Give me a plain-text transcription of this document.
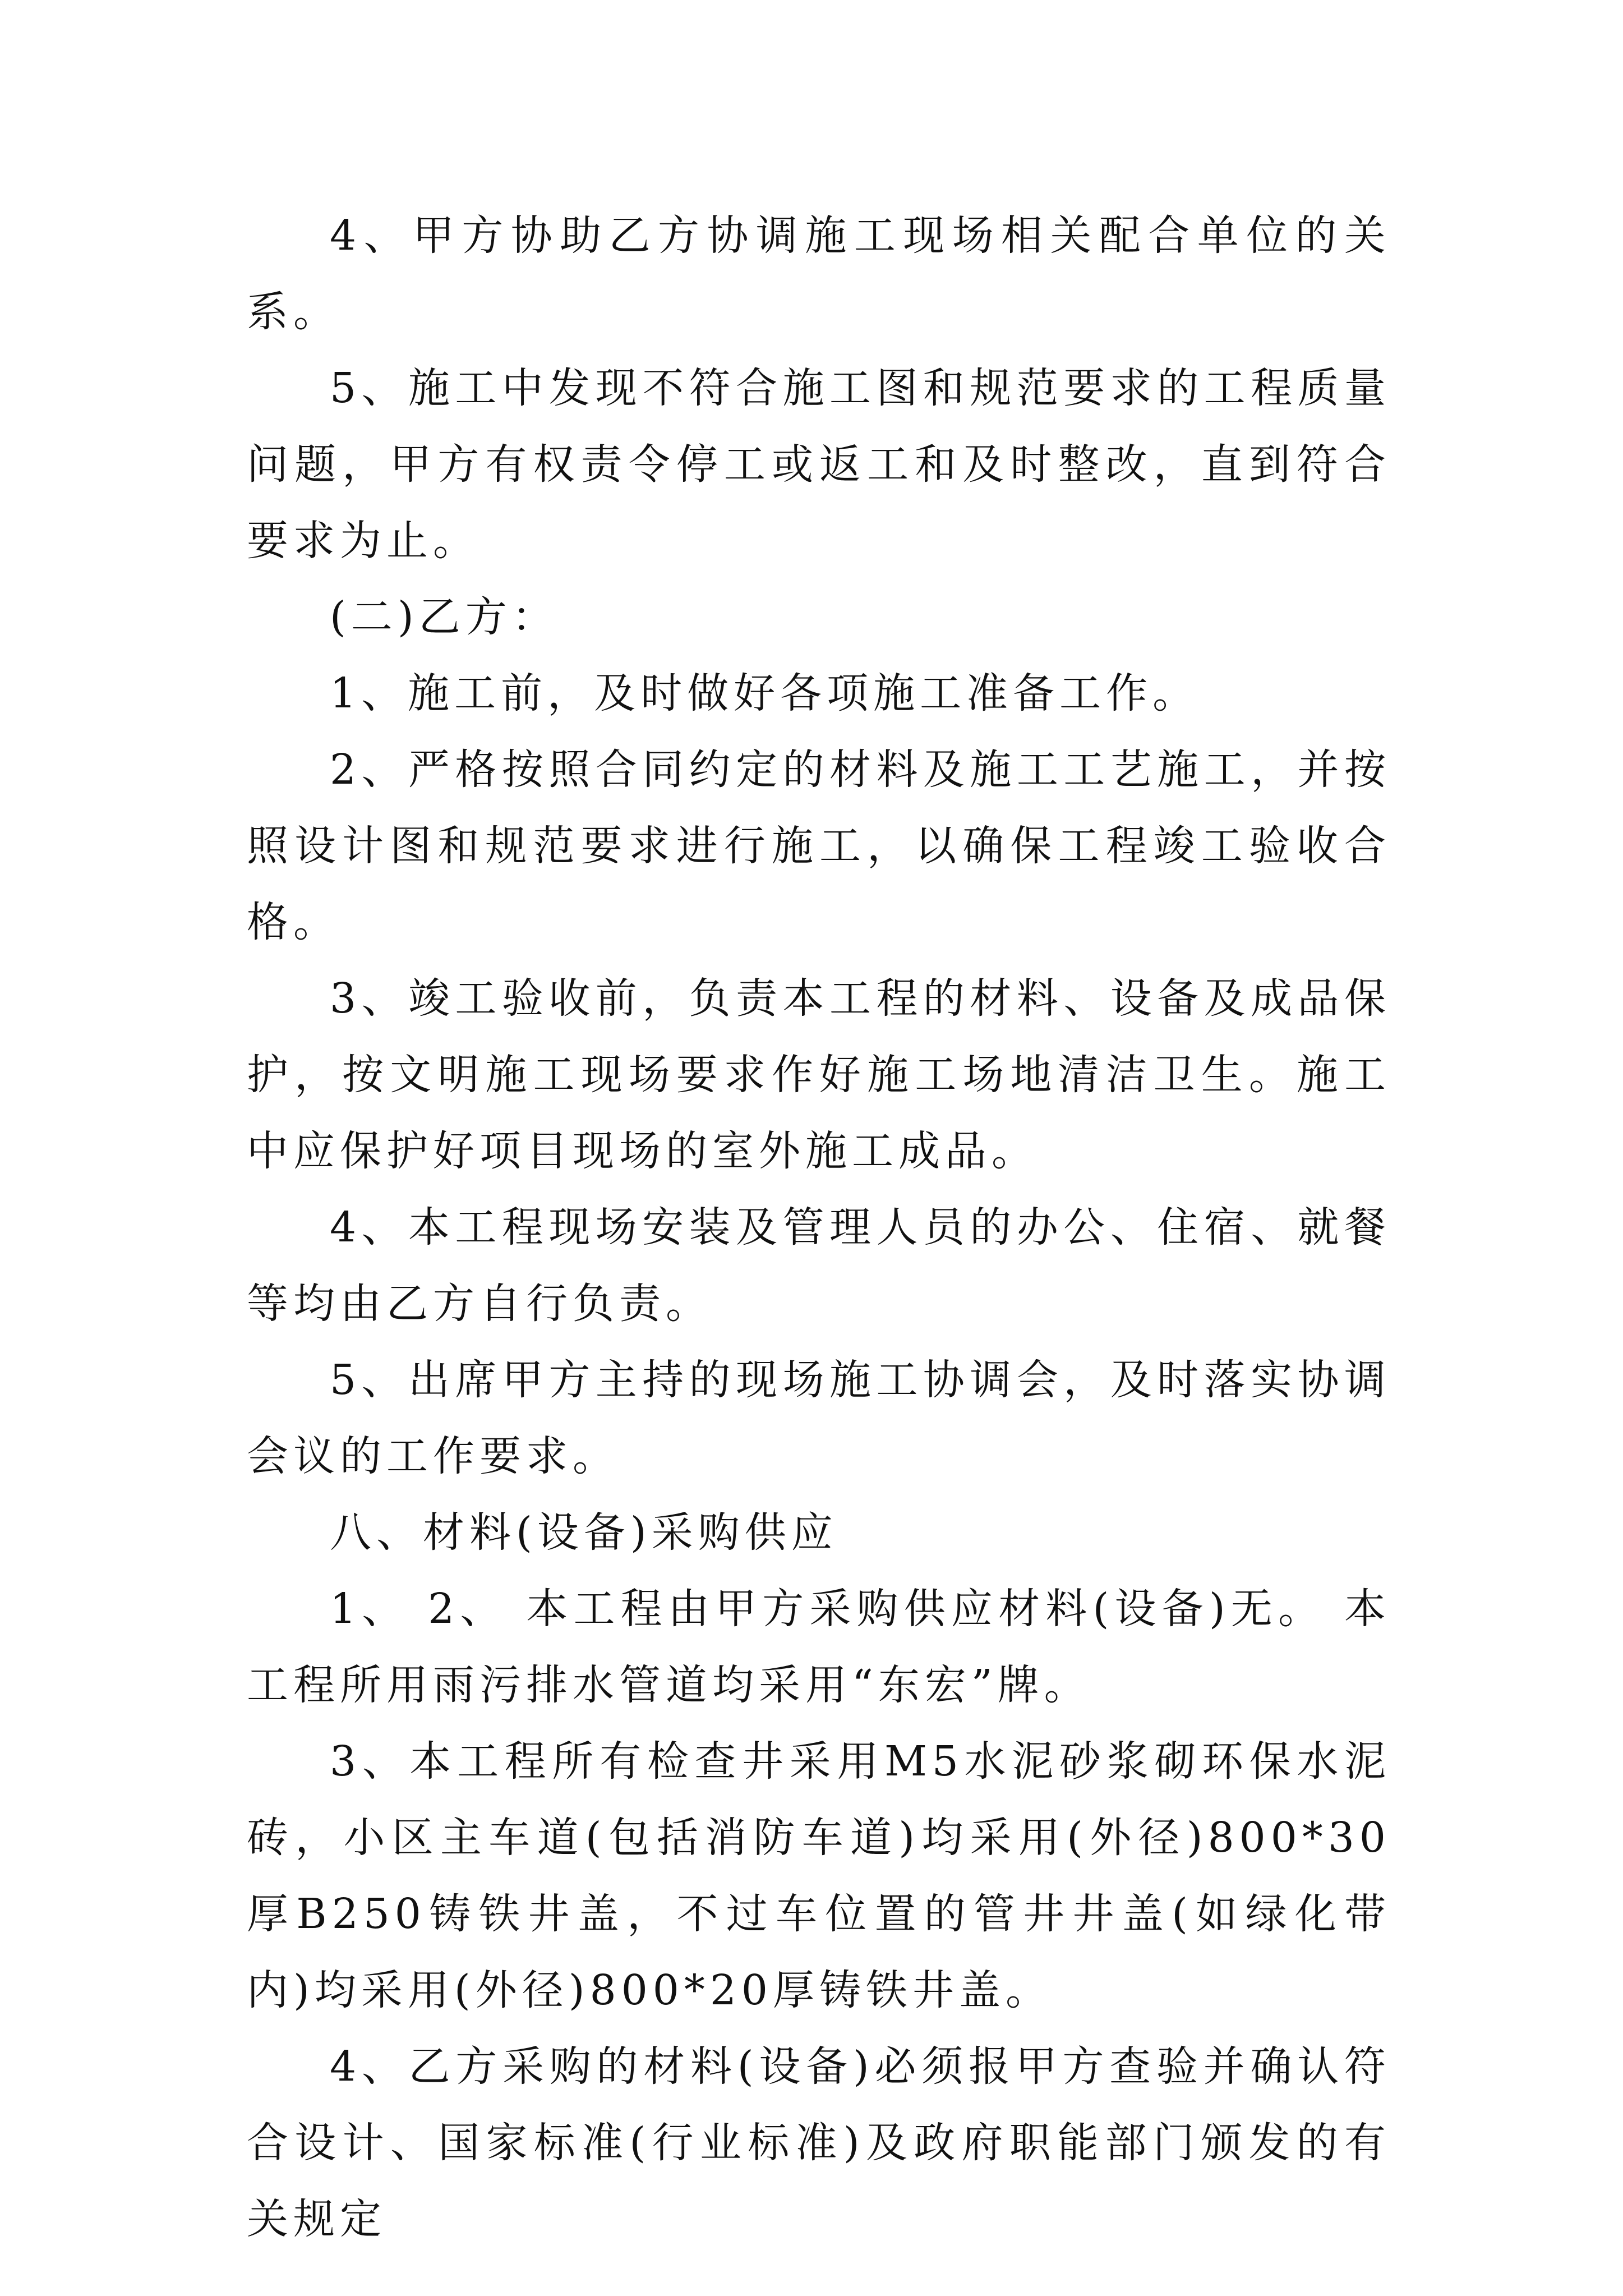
4、甲方协助乙方协调施工现场相关配合单位的关系。

5、施工中发现不符合施工图和规范要求的工程质量问题，甲方有权责令停工或返工和及时整改，直到符合要求为止。

(二)乙方：

1、施工前，及时做好各项施工准备工作。

2、严格按照合同约定的材料及施工工艺施工，并按照设计图和规范要求进行施工，以确保工程竣工验收合格。

3、竣工验收前，负责本工程的材料、设备及成品保护，按文明施工现场要求作好施工场地清洁卫生。施工中应保护好项目现场的室外施工成品。

4、本工程现场安装及管理人员的办公、住宿、就餐等均由乙方自行负责。

5、出席甲方主持的现场施工协调会，及时落实协调会议的工作要求。

八、材料(设备)采购供应

1、 2、 本工程由甲方采购供应材料(设备)无。 本工程所用雨污排水管道均采用“东宏”牌。

3、本工程所有检查井采用M5水泥砂浆砌环保水泥砖，小区主车道(包括消防车道)均采用(外径)800*30厚B250铸铁井盖，不过车位置的管井井盖(如绿化带内)均采用(外径)800*20厚铸铁井盖。

4、乙方采购的材料(设备)必须报甲方查验并确认符合设计、国家标准(行业标准)及政府职能部门颁发的有关规定
